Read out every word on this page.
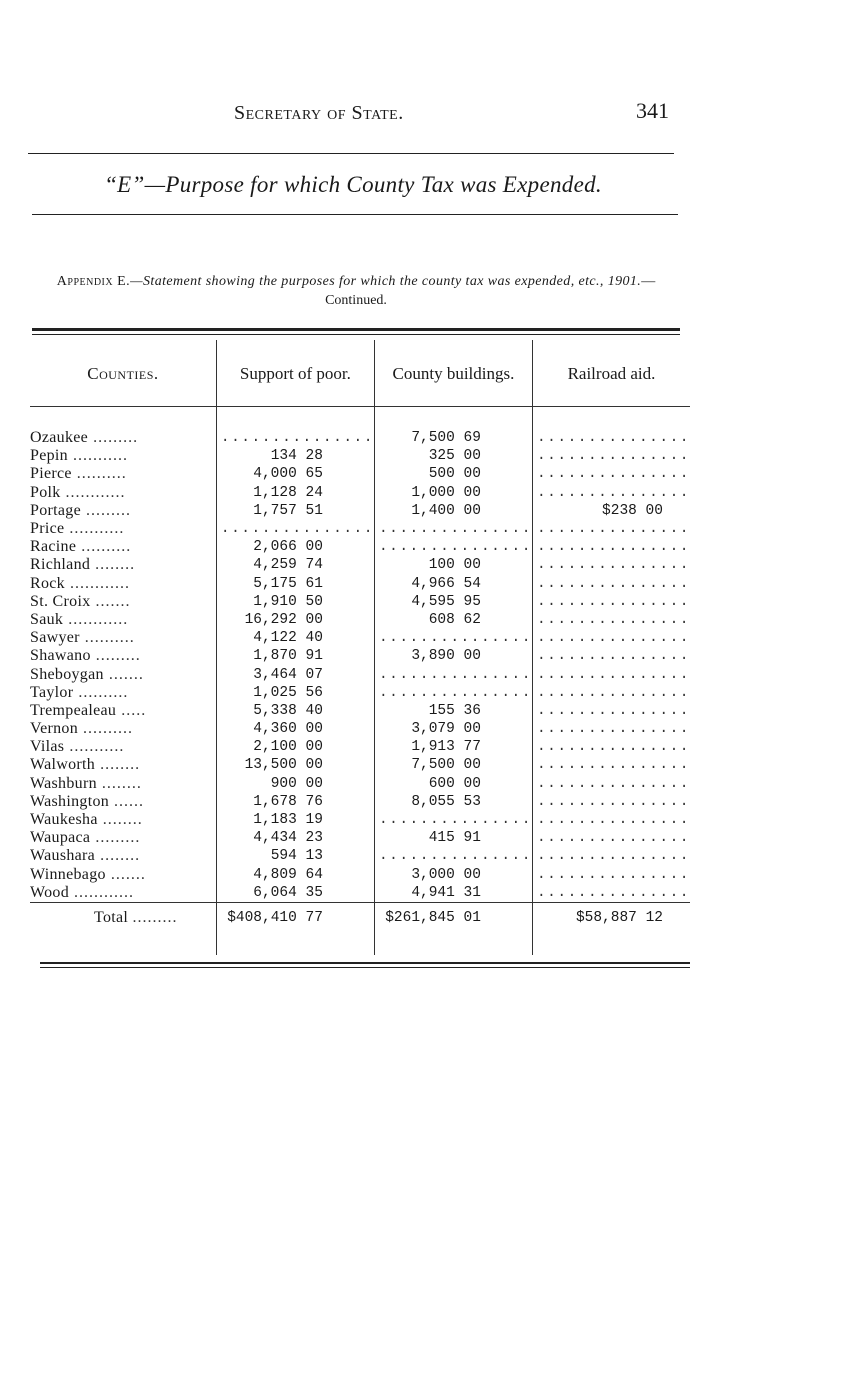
Secretary of State.	341
“E”—Purpose for which County Tax was Expended.
Appendix E.—Statement showing the purposes for which the county tax was expended, etc., 1901.—Continued.
Counties.	Support of poor.	County buildings.	Railroad aid.

Ozaukee .........	...............	7,500 69	...............
Pepin ...........	134 28	325 00	...............
Pierce ..........	4,000 65	500 00	...............
Polk ............	1,128 24	1,000 00	...............
Portage .........	1,757 51	1,400 00	$238 00
Price ...........	...............	...............	...............
Racine ..........	2,066 00	...............	...............
Richland ........	4,259 74	100 00	...............
Rock ............	5,175 61	4,966 54	...............
St. Croix .......	1,910 50	4,595 95	...............
Sauk ............	16,292 00	608 62	...............
Sawyer ..........	4,122 40	...............	...............
Shawano .........	1,870 91	3,890 00	...............
Sheboygan .......	3,464 07	...............	...............
Taylor ..........	1,025 56	...............	...............
Trempealeau .....	5,338 40	155 36	...............
Vernon ..........	4,360 00	3,079 00	...............
Vilas ...........	2,100 00	1,913 77	...............
Walworth ........	13,500 00	7,500 00	...............
Washburn ........	900 00	600 00	...............
Washington ......	1,678 76	8,055 53	...............
Waukesha ........	1,183 19	...............	...............
Waupaca .........	4,434 23	415 91	...............
Waushara ........	594 13	...............	...............
Winnebago .......	4,809 64	3,000 00	...............
Wood ............	6,064 35	4,941 31	...............
Total .........	$408,410 77	$261,845 01	$58,887 12
